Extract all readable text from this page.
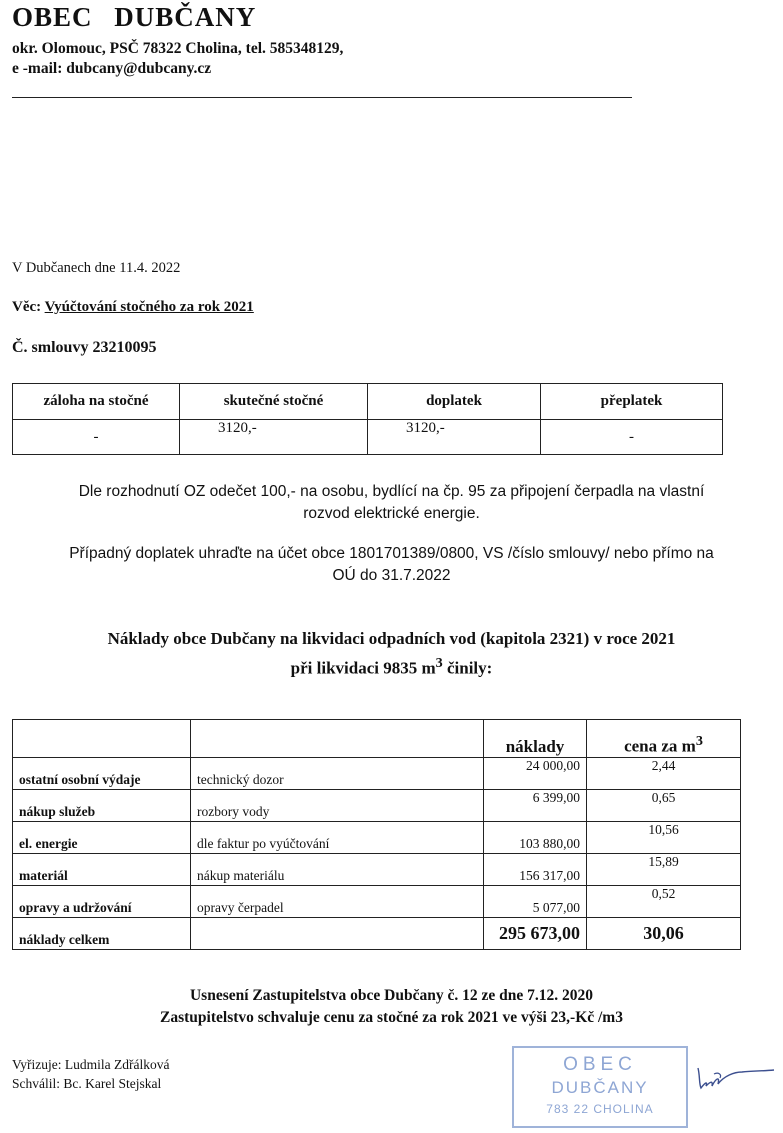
OBEC DUBČANY
okr. Olomouc, PSČ 78322 Cholina, tel. 585348129,
e -mail: dubcany@dubcany.cz
V Dubčanech dne 11.4. 2022
Věc: Vyúčtování stočného za rok 2021
Č. smlouvy 23210095
záloha na stočné	skutečné stočné	doplatek	přeplatek
-	3120,-	3120,-	-
Dle rozhodnutí OZ odečet 100,- na osobu, bydlící na čp. 95 za připojení čerpadla na vlastní
rozvod elektrické energie.
Případný doplatek uhraďte na účet obce 1801701389/0800, VS /číslo smlouvy/ nebo přímo na
OÚ do 31.7.2022
Náklady obce Dubčany na likvidaci odpadních vod (kapitola 2321) v roce 2021
při likvidaci 9835 $m^3$ činily:
		náklady	cena za $m^3$
ostatní osobní výdaje	technický dozor	24 000,00	2,44
nákup služeb	rozbory vody	6 399,00	0,65
el. energie	dle faktur po vyúčtování	103 880,00	10,56
materiál	nákup materiálu	156 317,00	15,89
opravy a udržování	opravy čerpadel	5 077,00	0,52
náklady celkem		295 673,00	30,06
Usnesení Zastupitelstva obce Dubčany č. 12 ze dne 7.12. 2020
Zastupitelstvo schvaluje cenu za stočné za rok 2021 ve výši 23,-Kč /m3
Vyřizuje: Ludmila Zdřálková
Schválil: Bc. Karel Stejskal
OBEC
DUBČANY
783 22 CHOLINA
